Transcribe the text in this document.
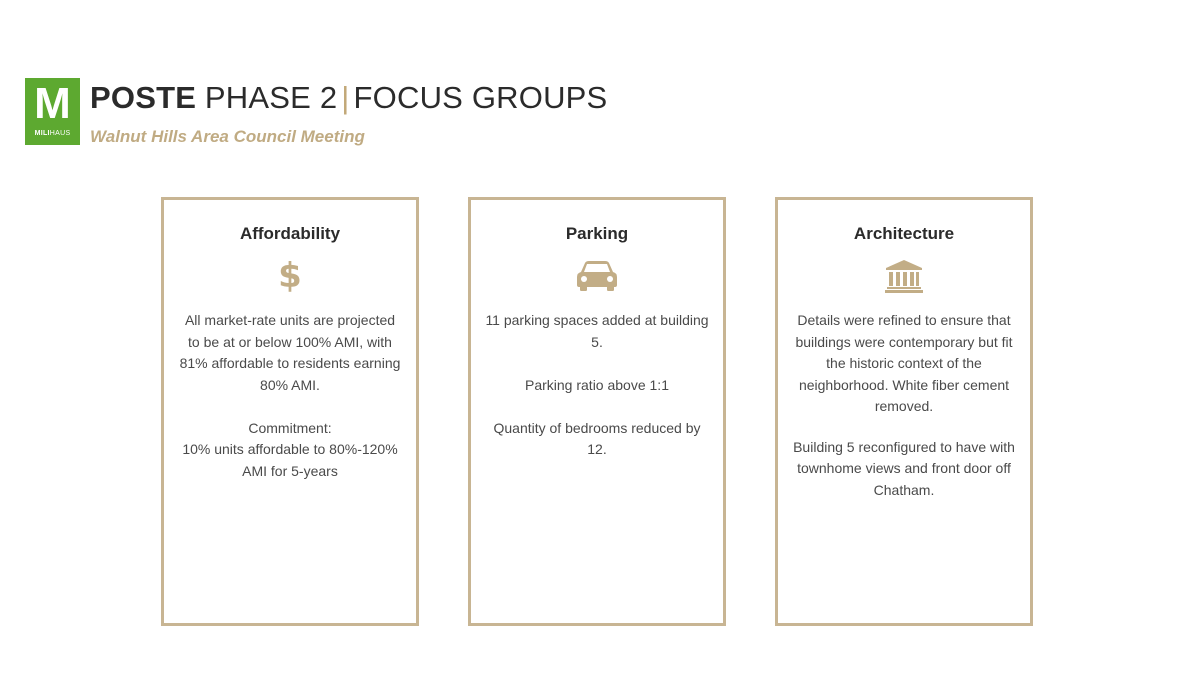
M
MILIHAUS
POSTE PHASE 2 | FOCUS GROUPS
Walnut Hills Area Council Meeting
Affordability
$

All market-rate units are projected to be at or below 100% AMI, with 81% affordable to residents earning 80% AMI.

Commitment:
10% units affordable to 80%-120% AMI for 5-years

Parking

11 parking spaces added at building 5.

Parking ratio above 1:1

Quantity of bedrooms reduced by 12.

Architecture

Details were refined to ensure that buildings were contemporary but fit the historic context of the neighborhood. White fiber cement removed.

Building 5 reconfigured to have with townhome views and front door off Chatham.
